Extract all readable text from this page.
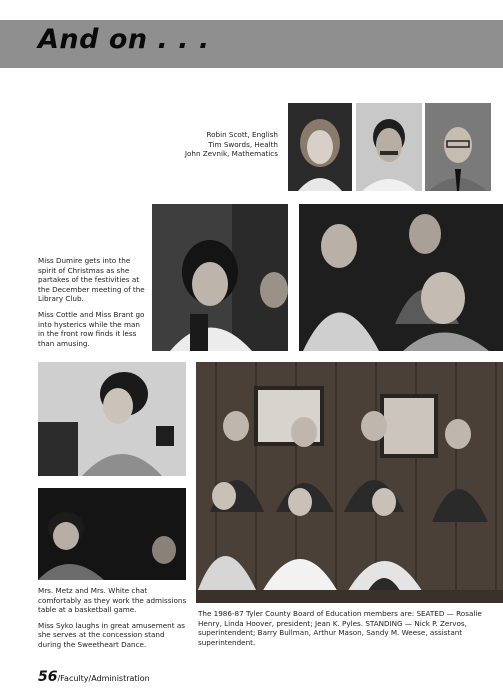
And on . . .
Robin Scott, English
Tim Swords, Health
John Zevnik, Mathematics

Miss Dumire gets into the spirit of Christmas as she partakes of the festivities at the December meeting of the Library Club.

Miss Cottle and Miss Brant go into hysterics while the man in the front row finds it less than amusing.

Mrs. Metz and Mrs. White chat comfortably as they work the admissions table at a basketball game.

Miss Syko laughs in great amusement as she serves at the concession stand during the Sweetheart Dance.

The 1986-87 Tyler County Board of Education members are: SEATED — Rosalie Henry, Linda Hoover, president; Jean K. Pyles. STANDING — Nick P. Zervos, superintendent; Barry Bullman, Arthur Mason, Sandy M. Weese, assistant superintendent.
56/Faculty/Administration
